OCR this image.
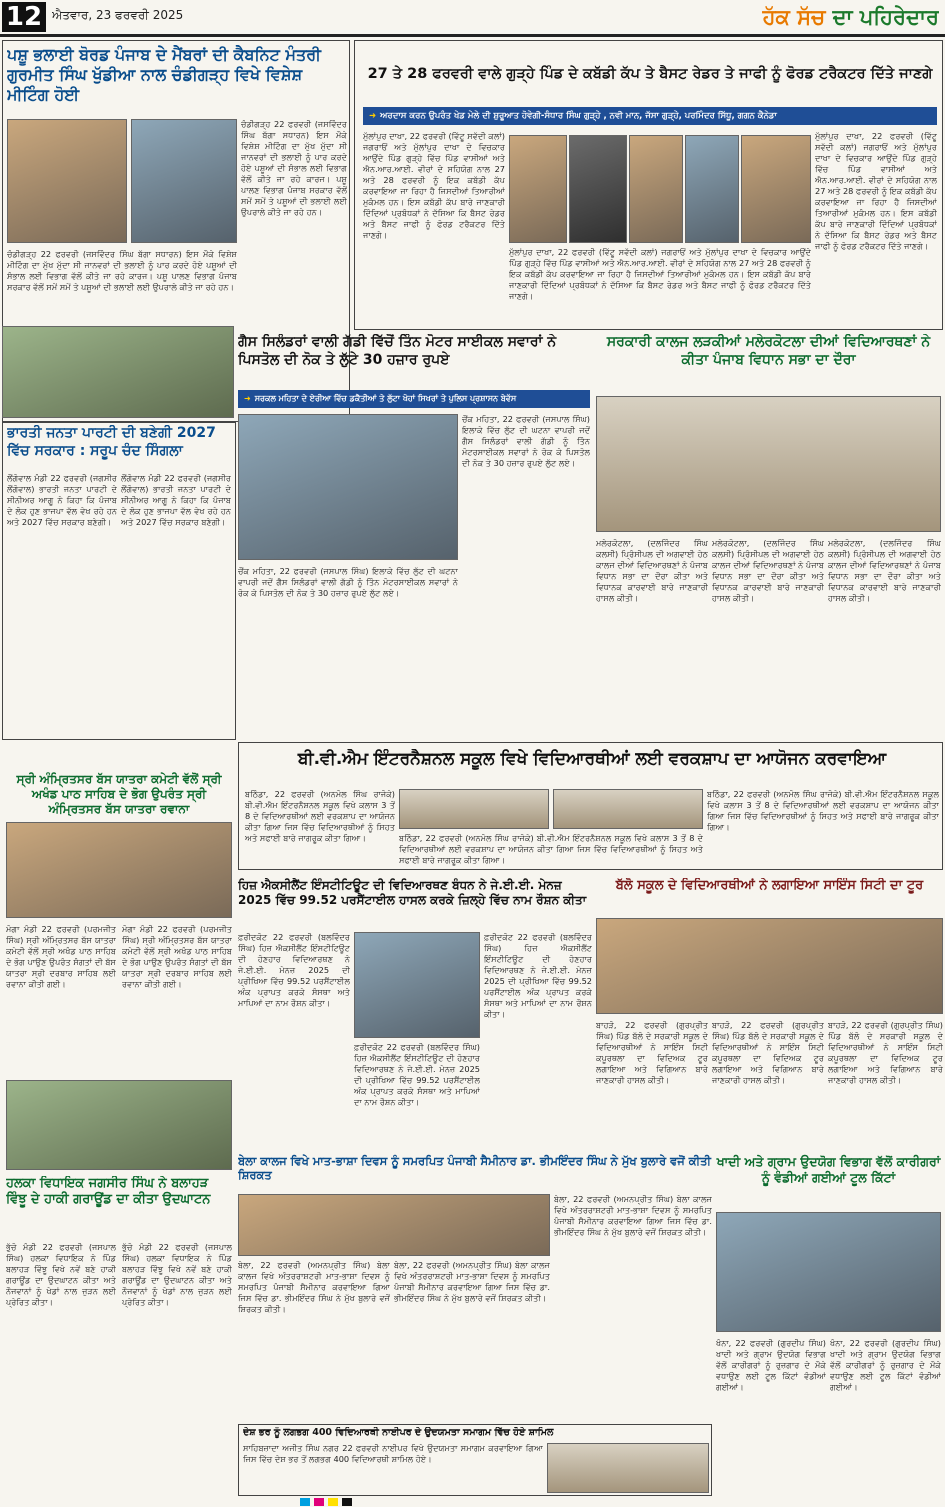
12 ਐਤਵਾਰ, 23 ਫਰਵਰੀ 2025	ਹੱਕ ਸੱਚ ਦਾ ਪਹਿਰੇਦਾਰ
ਪਸ਼ੂ ਭਲਾਈ ਬੋਰਡ ਪੰਜਾਬ ਦੇ ਮੈਂਬਰਾਂ ਦੀ ਕੈਬਨਿਟ ਮੰਤਰੀ ਗੁਰਮੀਤ ਸਿੰਘ ਖੁੱਡੀਆ ਨਾਲ ਚੰਡੀਗੜ੍ਹ ਵਿਖੇ ਵਿਸ਼ੇਸ਼ ਮੀਟਿੰਗ ਹੋਈ

ਚੰਡੀਗੜ੍ਹ 22 ਫਰਵਰੀ (ਜਸਵਿੰਦਰ ਸਿੰਘ ਬੱਗਾ ਸਧਾਰਨ) ਇਸ ਮੌਕੇ ਵਿਸ਼ੇਸ਼ ਮੀਟਿੰਗ ਦਾ ਮੁੱਖ ਮੁੱਦਾ ਸੀ ਜਾਨਵਰਾਂ ਦੀ ਭਲਾਈ ਨੂੰ ਪਾਰ ਕਰਦੇ ਹੋਏ ਪਸ਼ੂਆਂ ਦੀ ਸੰਭਾਲ ਲਈ ਵਿਭਾਗ ਵੱਲੋਂ ਕੀਤੇ ਜਾ ਰਹੇ ਕਾਰਜ। ਪਸ਼ੂ ਪਾਲਣ ਵਿਭਾਗ ਪੰਜਾਬ ਸਰਕਾਰ ਵੱਲੋਂ ਸਮੇਂ ਸਮੇਂ ਤੇ ਪਸ਼ੂਆਂ ਦੀ ਭਲਾਈ ਲਈ ਉਪਰਾਲੇ ਕੀਤੇ ਜਾ ਰਹੇ ਹਨ।

ਚੰਡੀਗੜ੍ਹ 22 ਫਰਵਰੀ (ਜਸਵਿੰਦਰ ਸਿੰਘ ਬੱਗਾ ਸਧਾਰਨ) ਇਸ ਮੌਕੇ ਵਿਸ਼ੇਸ਼ ਮੀਟਿੰਗ ਦਾ ਮੁੱਖ ਮੁੱਦਾ ਸੀ ਜਾਨਵਰਾਂ ਦੀ ਭਲਾਈ ਨੂੰ ਪਾਰ ਕਰਦੇ ਹੋਏ ਪਸ਼ੂਆਂ ਦੀ ਸੰਭਾਲ ਲਈ ਵਿਭਾਗ ਵੱਲੋਂ ਕੀਤੇ ਜਾ ਰਹੇ ਕਾਰਜ। ਪਸ਼ੂ ਪਾਲਣ ਵਿਭਾਗ ਪੰਜਾਬ ਸਰਕਾਰ ਵੱਲੋਂ ਸਮੇਂ ਸਮੇਂ ਤੇ ਪਸ਼ੂਆਂ ਦੀ ਭਲਾਈ ਲਈ ਉਪਰਾਲੇ ਕੀਤੇ ਜਾ ਰਹੇ ਹਨ।

27 ਤੇ 28 ਫਰਵਰੀ ਵਾਲੇ ਗੁੜ੍ਹੇ ਪਿੰਡ ਦੇ ਕਬੱਡੀ ਕੱਪ ਤੇ ਬੈਸਟ ਰੇਡਰ ਤੇ ਜਾਫੀ ਨੂੰ ਫੋਰਡ ਟਰੈਕਟਰ ਦਿੱਤੇ ਜਾਣਗੇ
➜ ਅਰਦਾਸ ਕਰਨ ਉਪਰੰਤ ਖੇਡ ਮੇਲੇ ਦੀ ਸ਼ੁਰੂਆਤ ਹੋਵੇਗੀ-ਸੰਧਾਰ ਸਿੰਘ ਗੁੜ੍ਹੇ , ਨਵੀ ਮਾਨ, ਜੱਸਾ ਗੁੜ੍ਹੇ, ਪਰਮਿੰਦਰ ਸਿੱਧੂ, ਗਗਨ ਕੈਨੇਡਾ

ਮੁੱਲਾਂਪੁਰ ਦਾਖਾ, 22 ਫਰਵਰੀ (ਵਿੱਟੂ ਸਵੱਦੀ ਕਲਾਂ) ਜਗਰਾਓਂ ਅਤੇ ਮੁੱਲਾਂਪੁਰ ਦਾਖਾ ਦੇ ਵਿਚਕਾਰ ਆਉਂਦੇ ਪਿੰਡ ਗੁੜ੍ਹੇ ਵਿੱਚ ਪਿੰਡ ਵਾਸੀਆਂ ਅਤੇ ਐਨ.ਆਰ.ਆਈ. ਵੀਰਾਂ ਦੇ ਸਹਿਯੋਗ ਨਾਲ 27 ਅਤੇ 28 ਫਰਵਰੀ ਨੂੰ ਇਕ ਕਬੱਡੀ ਕੱਪ ਕਰਵਾਇਆ ਜਾ ਰਿਹਾ ਹੈ ਜਿਸਦੀਆਂ ਤਿਆਰੀਆਂ ਮੁਕੰਮਲ ਹਨ। ਇਸ ਕਬੱਡੀ ਕੱਪ ਬਾਰੇ ਜਾਣਕਾਰੀ ਦਿੰਦਿਆਂ ਪ੍ਰਬੰਧਕਾਂ ਨੇ ਦੱਸਿਆ ਕਿ ਬੈਸਟ ਰੇਡਰ ਅਤੇ ਬੈਸਟ ਜਾਫੀ ਨੂੰ ਫੋਰਡ ਟਰੈਕਟਰ ਦਿੱਤੇ ਜਾਣਗੇ।

ਮੁੱਲਾਂਪੁਰ ਦਾਖਾ, 22 ਫਰਵਰੀ (ਵਿੱਟੂ ਸਵੱਦੀ ਕਲਾਂ) ਜਗਰਾਓਂ ਅਤੇ ਮੁੱਲਾਂਪੁਰ ਦਾਖਾ ਦੇ ਵਿਚਕਾਰ ਆਉਂਦੇ ਪਿੰਡ ਗੁੜ੍ਹੇ ਵਿੱਚ ਪਿੰਡ ਵਾਸੀਆਂ ਅਤੇ ਐਨ.ਆਰ.ਆਈ. ਵੀਰਾਂ ਦੇ ਸਹਿਯੋਗ ਨਾਲ 27 ਅਤੇ 28 ਫਰਵਰੀ ਨੂੰ ਇਕ ਕਬੱਡੀ ਕੱਪ ਕਰਵਾਇਆ ਜਾ ਰਿਹਾ ਹੈ ਜਿਸਦੀਆਂ ਤਿਆਰੀਆਂ ਮੁਕੰਮਲ ਹਨ। ਇਸ ਕਬੱਡੀ ਕੱਪ ਬਾਰੇ ਜਾਣਕਾਰੀ ਦਿੰਦਿਆਂ ਪ੍ਰਬੰਧਕਾਂ ਨੇ ਦੱਸਿਆ ਕਿ ਬੈਸਟ ਰੇਡਰ ਅਤੇ ਬੈਸਟ ਜਾਫੀ ਨੂੰ ਫੋਰਡ ਟਰੈਕਟਰ ਦਿੱਤੇ ਜਾਣਗੇ।

ਮੁੱਲਾਂਪੁਰ ਦਾਖਾ, 22 ਫਰਵਰੀ (ਵਿੱਟੂ ਸਵੱਦੀ ਕਲਾਂ) ਜਗਰਾਓਂ ਅਤੇ ਮੁੱਲਾਂਪੁਰ ਦਾਖਾ ਦੇ ਵਿਚਕਾਰ ਆਉਂਦੇ ਪਿੰਡ ਗੁੜ੍ਹੇ ਵਿੱਚ ਪਿੰਡ ਵਾਸੀਆਂ ਅਤੇ ਐਨ.ਆਰ.ਆਈ. ਵੀਰਾਂ ਦੇ ਸਹਿਯੋਗ ਨਾਲ 27 ਅਤੇ 28 ਫਰਵਰੀ ਨੂੰ ਇਕ ਕਬੱਡੀ ਕੱਪ ਕਰਵਾਇਆ ਜਾ ਰਿਹਾ ਹੈ ਜਿਸਦੀਆਂ ਤਿਆਰੀਆਂ ਮੁਕੰਮਲ ਹਨ। ਇਸ ਕਬੱਡੀ ਕੱਪ ਬਾਰੇ ਜਾਣਕਾਰੀ ਦਿੰਦਿਆਂ ਪ੍ਰਬੰਧਕਾਂ ਨੇ ਦੱਸਿਆ ਕਿ ਬੈਸਟ ਰੇਡਰ ਅਤੇ ਬੈਸਟ ਜਾਫੀ ਨੂੰ ਫੋਰਡ ਟਰੈਕਟਰ ਦਿੱਤੇ ਜਾਣਗੇ।

ਭਾਰਤੀ ਜਨਤਾ ਪਾਰਟੀ ਦੀ ਬਣੇਗੀ 2027 ਵਿੱਚ ਸਰਕਾਰ : ਸਰੂਪ ਚੰਦ ਸਿੰਗਲਾ

ਲੌਂਗੋਵਾਲ ਮੰਡੀ 22 ਫਰਵਰੀ (ਜਗਸੀਰ ਲੌਂਗੋਵਾਲ) ਭਾਰਤੀ ਜਨਤਾ ਪਾਰਟੀ ਦੇ ਸੀਨੀਅਰ ਆਗੂ ਨੇ ਕਿਹਾ ਕਿ ਪੰਜਾਬ ਦੇ ਲੋਕ ਹੁਣ ਭਾਜਪਾ ਵੱਲ ਵੇਖ ਰਹੇ ਹਨ ਅਤੇ 2027 ਵਿੱਚ ਸਰਕਾਰ ਬਣੇਗੀ।

ਲੌਂਗੋਵਾਲ ਮੰਡੀ 22 ਫਰਵਰੀ (ਜਗਸੀਰ ਲੌਂਗੋਵਾਲ) ਭਾਰਤੀ ਜਨਤਾ ਪਾਰਟੀ ਦੇ ਸੀਨੀਅਰ ਆਗੂ ਨੇ ਕਿਹਾ ਕਿ ਪੰਜਾਬ ਦੇ ਲੋਕ ਹੁਣ ਭਾਜਪਾ ਵੱਲ ਵੇਖ ਰਹੇ ਹਨ ਅਤੇ 2027 ਵਿੱਚ ਸਰਕਾਰ ਬਣੇਗੀ।

ਗੈਸ ਸਿਲੰਡਰਾਂ ਵਾਲੀ ਗੱਡੀ ਵਿੱਚੋਂ ਤਿੰਨ ਮੋਟਰ ਸਾਈਕਲ ਸਵਾਰਾਂ ਨੇ ਪਿਸਤੋਲ ਦੀ ਨੋਕ ਤੇ ਲੁੱਟੇ 30 ਹਜ਼ਾਰ ਰੁਪਏ
➜ ਸਰਕਲ ਮਹਿਤਾ ਦੇ ਏਰੀਆ ਵਿੱਚ ਡਕੈਤੀਆਂ ਤੇ ਲੁੱਟਾ ਖੋਹਾਂ ਸਿਖਰਾਂ ਤੇ ਪੁਲਿਸ ਪ੍ਰਸ਼ਾਸਨ ਬੇਵੱਸ

ਚੌਂਕ ਮਹਿਤਾ, 22 ਫਰਵਰੀ (ਜਸਪਾਲ ਸਿੰਘ) ਇਲਾਕੇ ਵਿੱਚ ਲੁੱਟ ਦੀ ਘਟਨਾ ਵਾਪਰੀ ਜਦੋਂ ਗੈਸ ਸਿਲੰਡਰਾਂ ਵਾਲੀ ਗੱਡੀ ਨੂੰ ਤਿੰਨ ਮੋਟਰਸਾਈਕਲ ਸਵਾਰਾਂ ਨੇ ਰੋਕ ਕੇ ਪਿਸਤੋਲ ਦੀ ਨੋਕ ਤੇ 30 ਹਜ਼ਾਰ ਰੁਪਏ ਲੁੱਟ ਲਏ।

ਚੌਂਕ ਮਹਿਤਾ, 22 ਫਰਵਰੀ (ਜਸਪਾਲ ਸਿੰਘ) ਇਲਾਕੇ ਵਿੱਚ ਲੁੱਟ ਦੀ ਘਟਨਾ ਵਾਪਰੀ ਜਦੋਂ ਗੈਸ ਸਿਲੰਡਰਾਂ ਵਾਲੀ ਗੱਡੀ ਨੂੰ ਤਿੰਨ ਮੋਟਰਸਾਈਕਲ ਸਵਾਰਾਂ ਨੇ ਰੋਕ ਕੇ ਪਿਸਤੋਲ ਦੀ ਨੋਕ ਤੇ 30 ਹਜ਼ਾਰ ਰੁਪਏ ਲੁੱਟ ਲਏ।

ਸਰਕਾਰੀ ਕਾਲਜ ਲੜਕੀਆਂ ਮਲੇਰਕੋਟਲਾ ਦੀਆਂ ਵਿਦਿਆਰਥਣਾਂ ਨੇ ਕੀਤਾ ਪੰਜਾਬ ਵਿਧਾਨ ਸਭਾ ਦਾ ਦੌਰਾ

ਮਲੇਰਕੋਟਲਾ, (ਦਲਜਿੰਦਰ ਸਿੰਘ ਕਲਸੀ) ਪ੍ਰਿੰਸੀਪਲ ਦੀ ਅਗਵਾਈ ਹੇਠ ਕਾਲਜ ਦੀਆਂ ਵਿਦਿਆਰਥਣਾਂ ਨੇ ਪੰਜਾਬ ਵਿਧਾਨ ਸਭਾ ਦਾ ਦੌਰਾ ਕੀਤਾ ਅਤੇ ਵਿਧਾਨਕ ਕਾਰਵਾਈ ਬਾਰੇ ਜਾਣਕਾਰੀ ਹਾਸਲ ਕੀਤੀ।

ਮਲੇਰਕੋਟਲਾ, (ਦਲਜਿੰਦਰ ਸਿੰਘ ਕਲਸੀ) ਪ੍ਰਿੰਸੀਪਲ ਦੀ ਅਗਵਾਈ ਹੇਠ ਕਾਲਜ ਦੀਆਂ ਵਿਦਿਆਰਥਣਾਂ ਨੇ ਪੰਜਾਬ ਵਿਧਾਨ ਸਭਾ ਦਾ ਦੌਰਾ ਕੀਤਾ ਅਤੇ ਵਿਧਾਨਕ ਕਾਰਵਾਈ ਬਾਰੇ ਜਾਣਕਾਰੀ ਹਾਸਲ ਕੀਤੀ।

ਮਲੇਰਕੋਟਲਾ, (ਦਲਜਿੰਦਰ ਸਿੰਘ ਕਲਸੀ) ਪ੍ਰਿੰਸੀਪਲ ਦੀ ਅਗਵਾਈ ਹੇਠ ਕਾਲਜ ਦੀਆਂ ਵਿਦਿਆਰਥਣਾਂ ਨੇ ਪੰਜਾਬ ਵਿਧਾਨ ਸਭਾ ਦਾ ਦੌਰਾ ਕੀਤਾ ਅਤੇ ਵਿਧਾਨਕ ਕਾਰਵਾਈ ਬਾਰੇ ਜਾਣਕਾਰੀ ਹਾਸਲ ਕੀਤੀ।

ਸ੍ਰੀ ਅੰਮ੍ਰਿਤਸਰ ਬੱਸ ਯਾਤਰਾ ਕਮੇਟੀ ਵੱਲੋਂ ਸ੍ਰੀ ਅਖੰਡ ਪਾਠ ਸਾਹਿਬ ਦੇ ਭੋਗ ਉਪਰੰਤ ਸ੍ਰੀ ਅੰਮ੍ਰਿਤਸਰ ਬੱਸ ਯਾਤਰਾ ਰਵਾਨਾ

ਮੋਗਾ ਮੰਡੀ 22 ਫਰਵਰੀ (ਪਰਮਜੀਤ ਸਿੰਘ) ਸ੍ਰੀ ਅੰਮ੍ਰਿਤਸਰ ਬੱਸ ਯਾਤਰਾ ਕਮੇਟੀ ਵੱਲੋਂ ਸ੍ਰੀ ਅਖੰਡ ਪਾਠ ਸਾਹਿਬ ਦੇ ਭੋਗ ਪਾਉਣ ਉਪਰੰਤ ਸੰਗਤਾਂ ਦੀ ਬੱਸ ਯਾਤਰਾ ਸ੍ਰੀ ਦਰਬਾਰ ਸਾਹਿਬ ਲਈ ਰਵਾਨਾ ਕੀਤੀ ਗਈ।

ਮੋਗਾ ਮੰਡੀ 22 ਫਰਵਰੀ (ਪਰਮਜੀਤ ਸਿੰਘ) ਸ੍ਰੀ ਅੰਮ੍ਰਿਤਸਰ ਬੱਸ ਯਾਤਰਾ ਕਮੇਟੀ ਵੱਲੋਂ ਸ੍ਰੀ ਅਖੰਡ ਪਾਠ ਸਾਹਿਬ ਦੇ ਭੋਗ ਪਾਉਣ ਉਪਰੰਤ ਸੰਗਤਾਂ ਦੀ ਬੱਸ ਯਾਤਰਾ ਸ੍ਰੀ ਦਰਬਾਰ ਸਾਹਿਬ ਲਈ ਰਵਾਨਾ ਕੀਤੀ ਗਈ।

ਬੀ.ਵੀ.ਐਮ ਇੰਟਰਨੈਸ਼ਨਲ ਸਕੂਲ ਵਿਖੇ ਵਿਦਿਆਰਥੀਆਂ ਲਈ ਵਰਕਸ਼ਾਪ ਦਾ ਆਯੋਜਨ ਕਰਵਾਇਆ

ਬਠਿੰਡਾ, 22 ਫਰਵਰੀ (ਅਨਮੋਲ ਸਿੰਘ ਰਾਜੋਕੇ) ਬੀ.ਵੀ.ਐਮ ਇੰਟਰਨੈਸ਼ਨਲ ਸਕੂਲ ਵਿਖੇ ਕਲਾਸ 3 ਤੋਂ 8 ਦੇ ਵਿਦਿਆਰਥੀਆਂ ਲਈ ਵਰਕਸ਼ਾਪ ਦਾ ਆਯੋਜਨ ਕੀਤਾ ਗਿਆ ਜਿਸ ਵਿੱਚ ਵਿਦਿਆਰਥੀਆਂ ਨੂੰ ਸਿਹਤ ਅਤੇ ਸਫਾਈ ਬਾਰੇ ਜਾਗਰੂਕ ਕੀਤਾ ਗਿਆ।	ਬਠਿੰਡਾ, 22 ਫਰਵਰੀ (ਅਨਮੋਲ ਸਿੰਘ ਰਾਜੋਕੇ) ਬੀ.ਵੀ.ਐਮ ਇੰਟਰਨੈਸ਼ਨਲ ਸਕੂਲ ਵਿਖੇ ਕਲਾਸ 3 ਤੋਂ 8 ਦੇ ਵਿਦਿਆਰਥੀਆਂ ਲਈ ਵਰਕਸ਼ਾਪ ਦਾ ਆਯੋਜਨ ਕੀਤਾ ਗਿਆ ਜਿਸ ਵਿੱਚ ਵਿਦਿਆਰਥੀਆਂ ਨੂੰ ਸਿਹਤ ਅਤੇ ਸਫਾਈ ਬਾਰੇ ਜਾਗਰੂਕ ਕੀਤਾ ਗਿਆ।

ਬਠਿੰਡਾ, 22 ਫਰਵਰੀ (ਅਨਮੋਲ ਸਿੰਘ ਰਾਜੋਕੇ) ਬੀ.ਵੀ.ਐਮ ਇੰਟਰਨੈਸ਼ਨਲ ਸਕੂਲ ਵਿਖੇ ਕਲਾਸ 3 ਤੋਂ 8 ਦੇ ਵਿਦਿਆਰਥੀਆਂ ਲਈ ਵਰਕਸ਼ਾਪ ਦਾ ਆਯੋਜਨ ਕੀਤਾ ਗਿਆ ਜਿਸ ਵਿੱਚ ਵਿਦਿਆਰਥੀਆਂ ਨੂੰ ਸਿਹਤ ਅਤੇ ਸਫਾਈ ਬਾਰੇ ਜਾਗਰੂਕ ਕੀਤਾ ਗਿਆ।

ਹਿਜ਼ ਐਕਸੀਲੈਂਟ ਇੰਸਟੀਟਿਊਟ ਦੀ ਵਿਦਿਆਰਥਣ ਬੰਧਨ ਨੇ ਜੇ.ਈ.ਈ. ਮੇਨਜ਼ 2025 ਵਿੱਚ 99.52 ਪਰਸੈਂਟਾਈਲ ਹਾਸਲ ਕਰਕੇ ਜ਼ਿਲ੍ਹੇ ਵਿੱਚ ਨਾਮ ਰੌਸ਼ਨ ਕੀਤਾ

ਫ਼ਰੀਦਕੋਟ 22 ਫਰਵਰੀ (ਬਲਵਿੰਦਰ ਸਿੰਘ) ਹਿਜ਼ ਐਕਸੀਲੈਂਟ ਇੰਸਟੀਟਿਊਟ ਦੀ ਹੋਣਹਾਰ ਵਿਦਿਆਰਥਣ ਨੇ ਜੇ.ਈ.ਈ. ਮੇਨਜ਼ 2025 ਦੀ ਪ੍ਰੀਖਿਆ ਵਿੱਚ 99.52 ਪਰਸੈਂਟਾਈਲ ਅੰਕ ਪ੍ਰਾਪਤ ਕਰਕੇ ਸੰਸਥਾ ਅਤੇ ਮਾਪਿਆਂ ਦਾ ਨਾਮ ਰੌਸ਼ਨ ਕੀਤਾ।

ਫ਼ਰੀਦਕੋਟ 22 ਫਰਵਰੀ (ਬਲਵਿੰਦਰ ਸਿੰਘ) ਹਿਜ਼ ਐਕਸੀਲੈਂਟ ਇੰਸਟੀਟਿਊਟ ਦੀ ਹੋਣਹਾਰ ਵਿਦਿਆਰਥਣ ਨੇ ਜੇ.ਈ.ਈ. ਮੇਨਜ਼ 2025 ਦੀ ਪ੍ਰੀਖਿਆ ਵਿੱਚ 99.52 ਪਰਸੈਂਟਾਈਲ ਅੰਕ ਪ੍ਰਾਪਤ ਕਰਕੇ ਸੰਸਥਾ ਅਤੇ ਮਾਪਿਆਂ ਦਾ ਨਾਮ ਰੌਸ਼ਨ ਕੀਤਾ।

ਫ਼ਰੀਦਕੋਟ 22 ਫਰਵਰੀ (ਬਲਵਿੰਦਰ ਸਿੰਘ) ਹਿਜ਼ ਐਕਸੀਲੈਂਟ ਇੰਸਟੀਟਿਊਟ ਦੀ ਹੋਣਹਾਰ ਵਿਦਿਆਰਥਣ ਨੇ ਜੇ.ਈ.ਈ. ਮੇਨਜ਼ 2025 ਦੀ ਪ੍ਰੀਖਿਆ ਵਿੱਚ 99.52 ਪਰਸੈਂਟਾਈਲ ਅੰਕ ਪ੍ਰਾਪਤ ਕਰਕੇ ਸੰਸਥਾ ਅਤੇ ਮਾਪਿਆਂ ਦਾ ਨਾਮ ਰੌਸ਼ਨ ਕੀਤਾ।

ਬੱਲੋ ਸਕੂਲ ਦੇ ਵਿਦਿਆਰਥੀਆਂ ਨੇ ਲਗਾਇਆ ਸਾਇੰਸ ਸਿਟੀ ਦਾ ਟੂਰ

ਬਾਹੜੋ, 22 ਫਰਵਰੀ (ਗੁਰਪ੍ਰੀਤ ਸਿੰਘ) ਪਿੰਡ ਬੱਲੋ ਦੇ ਸਰਕਾਰੀ ਸਕੂਲ ਦੇ ਵਿਦਿਆਰਥੀਆਂ ਨੇ ਸਾਇੰਸ ਸਿਟੀ ਕਪੂਰਥਲਾ ਦਾ ਵਿਦਿਅਕ ਟੂਰ ਲਗਾਇਆ ਅਤੇ ਵਿਗਿਆਨ ਬਾਰੇ ਜਾਣਕਾਰੀ ਹਾਸਲ ਕੀਤੀ।

ਬਾਹੜੋ, 22 ਫਰਵਰੀ (ਗੁਰਪ੍ਰੀਤ ਸਿੰਘ) ਪਿੰਡ ਬੱਲੋ ਦੇ ਸਰਕਾਰੀ ਸਕੂਲ ਦੇ ਵਿਦਿਆਰਥੀਆਂ ਨੇ ਸਾਇੰਸ ਸਿਟੀ ਕਪੂਰਥਲਾ ਦਾ ਵਿਦਿਅਕ ਟੂਰ ਲਗਾਇਆ ਅਤੇ ਵਿਗਿਆਨ ਬਾਰੇ ਜਾਣਕਾਰੀ ਹਾਸਲ ਕੀਤੀ।

ਬਾਹੜੋ, 22 ਫਰਵਰੀ (ਗੁਰਪ੍ਰੀਤ ਸਿੰਘ) ਪਿੰਡ ਬੱਲੋ ਦੇ ਸਰਕਾਰੀ ਸਕੂਲ ਦੇ ਵਿਦਿਆਰਥੀਆਂ ਨੇ ਸਾਇੰਸ ਸਿਟੀ ਕਪੂਰਥਲਾ ਦਾ ਵਿਦਿਅਕ ਟੂਰ ਲਗਾਇਆ ਅਤੇ ਵਿਗਿਆਨ ਬਾਰੇ ਜਾਣਕਾਰੀ ਹਾਸਲ ਕੀਤੀ।

ਹਲਕਾ ਵਿਧਾਇਕ ਜਗਸੀਰ ਸਿੰਘ ਨੇ ਬਲਾਹੜ ਵਿੰਝੂ ਦੇ ਹਾਕੀ ਗਰਾਊਂਡ ਦਾ ਕੀਤਾ ਉਦਘਾਟਨ

ਭੁੱਚੋ ਮੰਡੀ 22 ਫਰਵਰੀ (ਜਸਪਾਲ ਸਿੰਘ) ਹਲਕਾ ਵਿਧਾਇਕ ਨੇ ਪਿੰਡ ਬਲਾਹੜ ਵਿੰਝੂ ਵਿਖੇ ਨਵੇਂ ਬਣੇ ਹਾਕੀ ਗਰਾਊਂਡ ਦਾ ਉਦਘਾਟਨ ਕੀਤਾ ਅਤੇ ਨੌਜਵਾਨਾਂ ਨੂੰ ਖੇਡਾਂ ਨਾਲ ਜੁੜਨ ਲਈ ਪ੍ਰੇਰਿਤ ਕੀਤਾ।

ਭੁੱਚੋ ਮੰਡੀ 22 ਫਰਵਰੀ (ਜਸਪਾਲ ਸਿੰਘ) ਹਲਕਾ ਵਿਧਾਇਕ ਨੇ ਪਿੰਡ ਬਲਾਹੜ ਵਿੰਝੂ ਵਿਖੇ ਨਵੇਂ ਬਣੇ ਹਾਕੀ ਗਰਾਊਂਡ ਦਾ ਉਦਘਾਟਨ ਕੀਤਾ ਅਤੇ ਨੌਜਵਾਨਾਂ ਨੂੰ ਖੇਡਾਂ ਨਾਲ ਜੁੜਨ ਲਈ ਪ੍ਰੇਰਿਤ ਕੀਤਾ।

ਬੇਲਾ ਕਾਲਜ ਵਿਖੇ ਮਾਤ-ਭਾਸ਼ਾ ਦਿਵਸ ਨੂੰ ਸਮਰਪਿਤ ਪੰਜਾਬੀ ਸੈਮੀਨਾਰ ਡਾ. ਭੀਮਇੰਦਰ ਸਿੰਘ ਨੇ ਮੁੱਖ ਬੁਲਾਰੇ ਵਜੋਂ ਕੀਤੀ ਸ਼ਿਰਕਤ

ਬੇਲਾ, 22 ਫਰਵਰੀ (ਅਮਨਪ੍ਰੀਤ ਸਿੰਘ) ਬੇਲਾ ਕਾਲਜ ਵਿਖੇ ਅੰਤਰਰਾਸ਼ਟਰੀ ਮਾਤ-ਭਾਸ਼ਾ ਦਿਵਸ ਨੂੰ ਸਮਰਪਿਤ ਪੰਜਾਬੀ ਸੈਮੀਨਾਰ ਕਰਵਾਇਆ ਗਿਆ ਜਿਸ ਵਿੱਚ ਡਾ. ਭੀਮਇੰਦਰ ਸਿੰਘ ਨੇ ਮੁੱਖ ਬੁਲਾਰੇ ਵਜੋਂ ਸ਼ਿਰਕਤ ਕੀਤੀ।

ਬੇਲਾ, 22 ਫਰਵਰੀ (ਅਮਨਪ੍ਰੀਤ ਸਿੰਘ) ਬੇਲਾ ਕਾਲਜ ਵਿਖੇ ਅੰਤਰਰਾਸ਼ਟਰੀ ਮਾਤ-ਭਾਸ਼ਾ ਦਿਵਸ ਨੂੰ ਸਮਰਪਿਤ ਪੰਜਾਬੀ ਸੈਮੀਨਾਰ ਕਰਵਾਇਆ ਗਿਆ ਜਿਸ ਵਿੱਚ ਡਾ. ਭੀਮਇੰਦਰ ਸਿੰਘ ਨੇ ਮੁੱਖ ਬੁਲਾਰੇ ਵਜੋਂ ਸ਼ਿਰਕਤ ਕੀਤੀ।

ਬੇਲਾ, 22 ਫਰਵਰੀ (ਅਮਨਪ੍ਰੀਤ ਸਿੰਘ) ਬੇਲਾ ਕਾਲਜ ਵਿਖੇ ਅੰਤਰਰਾਸ਼ਟਰੀ ਮਾਤ-ਭਾਸ਼ਾ ਦਿਵਸ ਨੂੰ ਸਮਰਪਿਤ ਪੰਜਾਬੀ ਸੈਮੀਨਾਰ ਕਰਵਾਇਆ ਗਿਆ ਜਿਸ ਵਿੱਚ ਡਾ. ਭੀਮਇੰਦਰ ਸਿੰਘ ਨੇ ਮੁੱਖ ਬੁਲਾਰੇ ਵਜੋਂ ਸ਼ਿਰਕਤ ਕੀਤੀ।

ਖਾਦੀ ਅਤੇ ਗ੍ਰਾਮ ਉਦਯੋਗ ਵਿਭਾਗ ਵੱਲੋਂ ਕਾਰੀਗਰਾਂ ਨੂੰ ਵੰਡੀਆਂ ਗਈਆਂ ਟੂਲ ਕਿੱਟਾਂ

ਖੰਨਾ, 22 ਫਰਵਰੀ (ਗੁਰਦੀਪ ਸਿੰਘ) ਖਾਦੀ ਅਤੇ ਗ੍ਰਾਮ ਉਦਯੋਗ ਵਿਭਾਗ ਵੱਲੋਂ ਕਾਰੀਗਰਾਂ ਨੂੰ ਰੁਜ਼ਗਾਰ ਦੇ ਮੌਕੇ ਵਧਾਉਣ ਲਈ ਟੂਲ ਕਿੱਟਾਂ ਵੰਡੀਆਂ ਗਈਆਂ।

ਖੰਨਾ, 22 ਫਰਵਰੀ (ਗੁਰਦੀਪ ਸਿੰਘ) ਖਾਦੀ ਅਤੇ ਗ੍ਰਾਮ ਉਦਯੋਗ ਵਿਭਾਗ ਵੱਲੋਂ ਕਾਰੀਗਰਾਂ ਨੂੰ ਰੁਜ਼ਗਾਰ ਦੇ ਮੌਕੇ ਵਧਾਉਣ ਲਈ ਟੂਲ ਕਿੱਟਾਂ ਵੰਡੀਆਂ ਗਈਆਂ।

ਦੇਸ਼ ਭਰ ਨੂੰ ਲਗਭਗ 400 ਵਿਦਿਆਰਥੀ ਨਾਈਪਰ ਦੇ ਉਦਯਮਤਾ ਸਮਾਗਮ ਵਿੱਚ ਹੋਏ ਸ਼ਾਮਿਲ

ਸਾਹਿਬਜ਼ਾਦਾ ਅਜੀਤ ਸਿੰਘ ਨਗਰ 22 ਫਰਵਰੀ ਨਾਈਪਰ ਵਿਖੇ ਉਦਯਮਤਾ ਸਮਾਗਮ ਕਰਵਾਇਆ ਗਿਆ ਜਿਸ ਵਿੱਚ ਦੇਸ਼ ਭਰ ਤੋਂ ਲਗਭਗ 400 ਵਿਦਿਆਰਥੀ ਸ਼ਾਮਿਲ ਹੋਏ।
